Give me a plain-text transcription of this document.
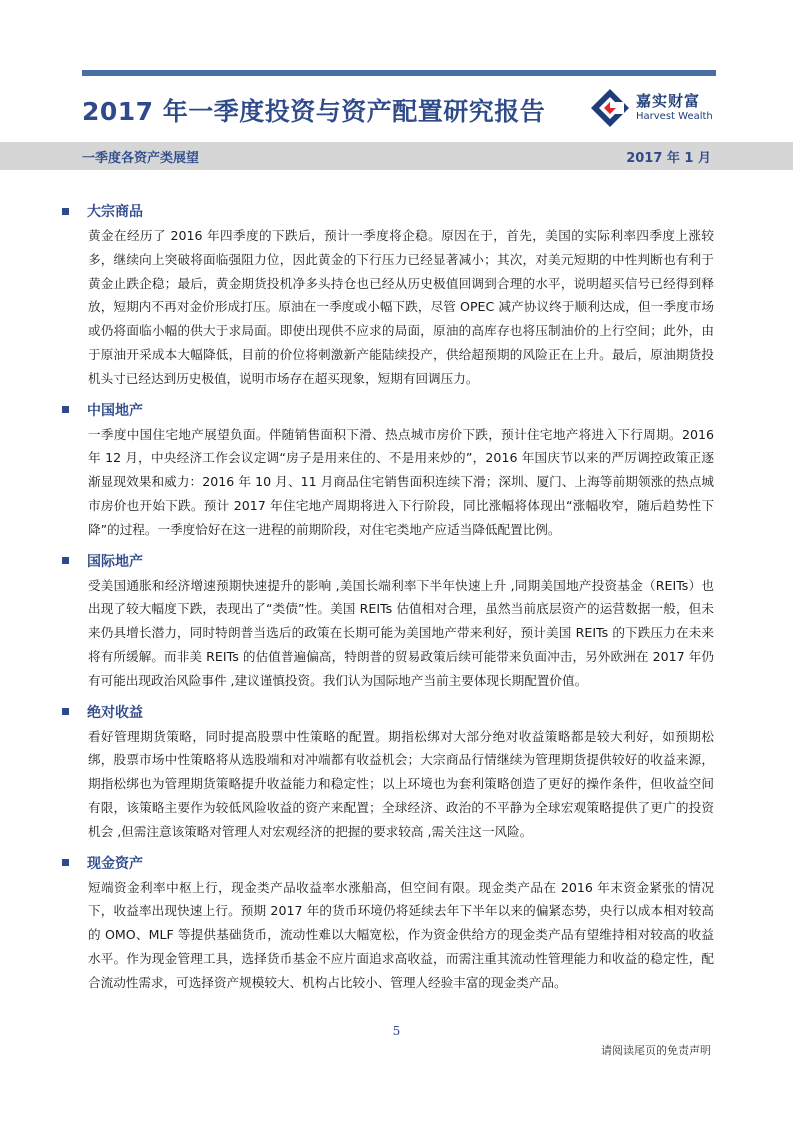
2017 年一季度投资与资产配置研究报告	嘉实财富
Harvest Wealth
一季度各资产类展望	2017 年 1 月
大宗商品

黄金在经历了 2016 年四季度的下跌后，预计一季度将企稳。原因在于，首先，美国的实际利率四季度上涨较多，继续向上突破将面临强阻力位，因此黄金的下行压力已经显著减小；其次，对美元短期的中性判断也有利于黄金止跌企稳；最后，黄金期货投机净多头持仓也已经从历史极值回调到合理的水平，说明超买信号已经得到释放，短期内不再对金价形成打压。原油在一季度或小幅下跌，尽管 OPEC 减产协议终于顺利达成，但一季度市场或仍将面临小幅的供大于求局面。即使出现供不应求的局面，原油的高库存也将压制油价的上行空间；此外，由于原油开采成本大幅降低，目前的价位将刺激新产能陆续投产，供给超预期的风险正在上升。最后，原油期货投机头寸已经达到历史极值，说明市场存在超买现象，短期有回调压力。

中国地产

一季度中国住宅地产展望负面。伴随销售面积下滑、热点城市房价下跌，预计住宅地产将进入下行周期。2016 年 12 月，中央经济工作会议定调“房子是用来住的、不是用来炒的”，2016 年国庆节以来的严厉调控政策正逐渐显现效果和威力：2016 年 10 月、11 月商品住宅销售面积连续下滑；深圳、厦门、上海等前期领涨的热点城市房价也开始下跌。预计 2017 年住宅地产周期将进入下行阶段，同比涨幅将体现出“涨幅收窄，随后趋势性下降”的过程。一季度恰好在这一进程的前期阶段，对住宅类地产应适当降低配置比例。

国际地产

受美国通胀和经济增速预期快速提升的影响 ,美国长端利率下半年快速上升 ,同期美国地产投资基金（REITs）也出现了较大幅度下跌，表现出了“类债”性。美国 REITs 估值相对合理，虽然当前底层资产的运营数据一般，但未来仍具增长潜力，同时特朗普当选后的政策在长期可能为美国地产带来利好，预计美国 REITs 的下跌压力在未来将有所缓解。而非美 REITs 的估值普遍偏高，特朗普的贸易政策后续可能带来负面冲击，另外欧洲在 2017 年仍有可能出现政治风险事件 ,建议谨慎投资。我们认为国际地产当前主要体现长期配置价值。

绝对收益

看好管理期货策略，同时提高股票中性策略的配置。期指松绑对大部分绝对收益策略都是较大利好，如预期松绑，股票市场中性策略将从选股端和对冲端都有收益机会；大宗商品行情继续为管理期货提供较好的收益来源，期指松绑也为管理期货策略提升收益能力和稳定性；以上环境也为套利策略创造了更好的操作条件，但收益空间有限，该策略主要作为较低风险收益的资产来配置；全球经济、政治的不平静为全球宏观策略提供了更广的投资机会 ,但需注意该策略对管理人对宏观经济的把握的要求较高 ,需关注这一风险。

现金资产

短端资金利率中枢上行，现金类产品收益率水涨船高，但空间有限。现金类产品在 2016 年末资金紧张的情况下，收益率出现快速上行。预期 2017 年的货币环境仍将延续去年下半年以来的偏紧态势，央行以成本相对较高的 OMO、MLF 等提供基础货币，流动性难以大幅宽松，作为资金供给方的现金类产品有望维持相对较高的收益水平。作为现金管理工具，选择货币基金不应片面追求高收益，而需注重其流动性管理能力和收益的稳定性，配合流动性需求，可选择资产规模较大、机构占比较小、管理人经验丰富的现金类产品。

5
请阅读尾页的免责声明
